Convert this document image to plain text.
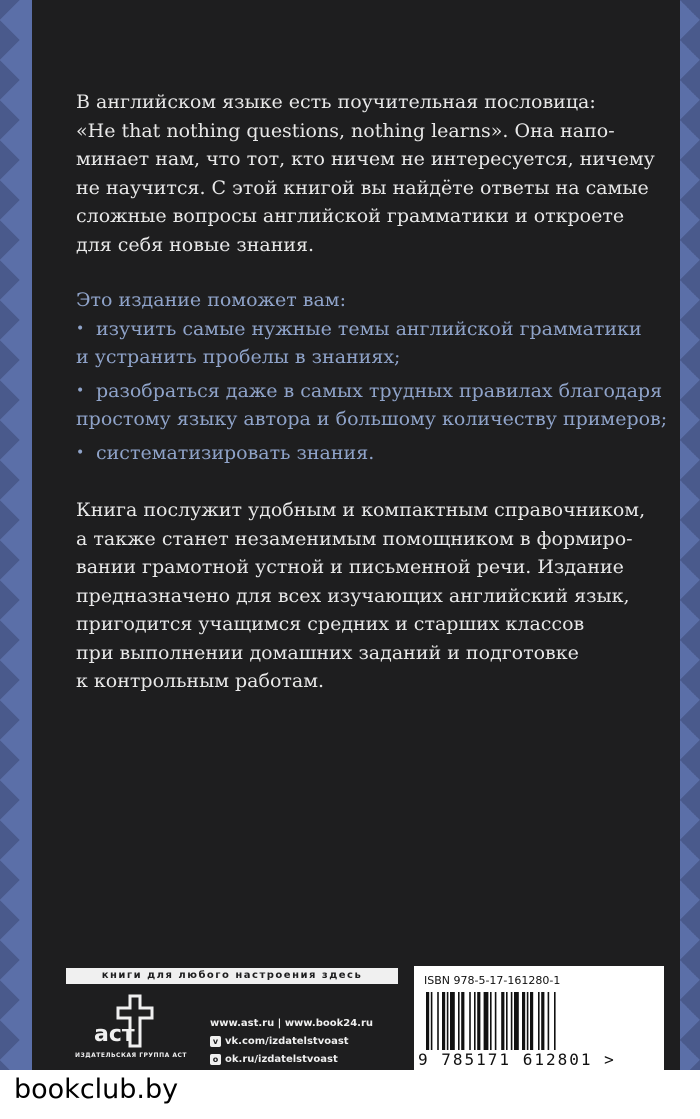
В английском языке есть поучительная пословица:
«He that nothing questions, nothing learns». Она напо-
минает нам, что тот, кто ничем не интересуется, ничему
не научится. С этой книгой вы найдёте ответы на самые
сложные вопросы английской грамматики и откроете
для себя новые знания.
Это издание поможет вам:
• изучить самые нужные темы английской грамматики
и устранить пробелы в знаниях;
• разобраться даже в самых трудных правилах благодаря
простому языку автора и большому количеству примеров;
• систематизировать знания.
Книга послужит удобным и компактным справочником,
а также станет незаменимым помощником в формиро-
вании грамотной устной и письменной речи. Издание
предназначено для всех изучающих английский язык,
пригодится учащимся средних и старших классов
при выполнении домашних заданий и подготовке
к контрольным работам.
книги для любого настроения здесь
аст
ИЗДАТЕЛЬСКАЯ ГРУППА АСТ
www.ast.ru | www.book24.ru
v vk.com/izdatelstvoast
o ok.ru/izdatelstvoast
ISBN 978-5-17-161280-1
9 785171 612801 >
bookclub.by
